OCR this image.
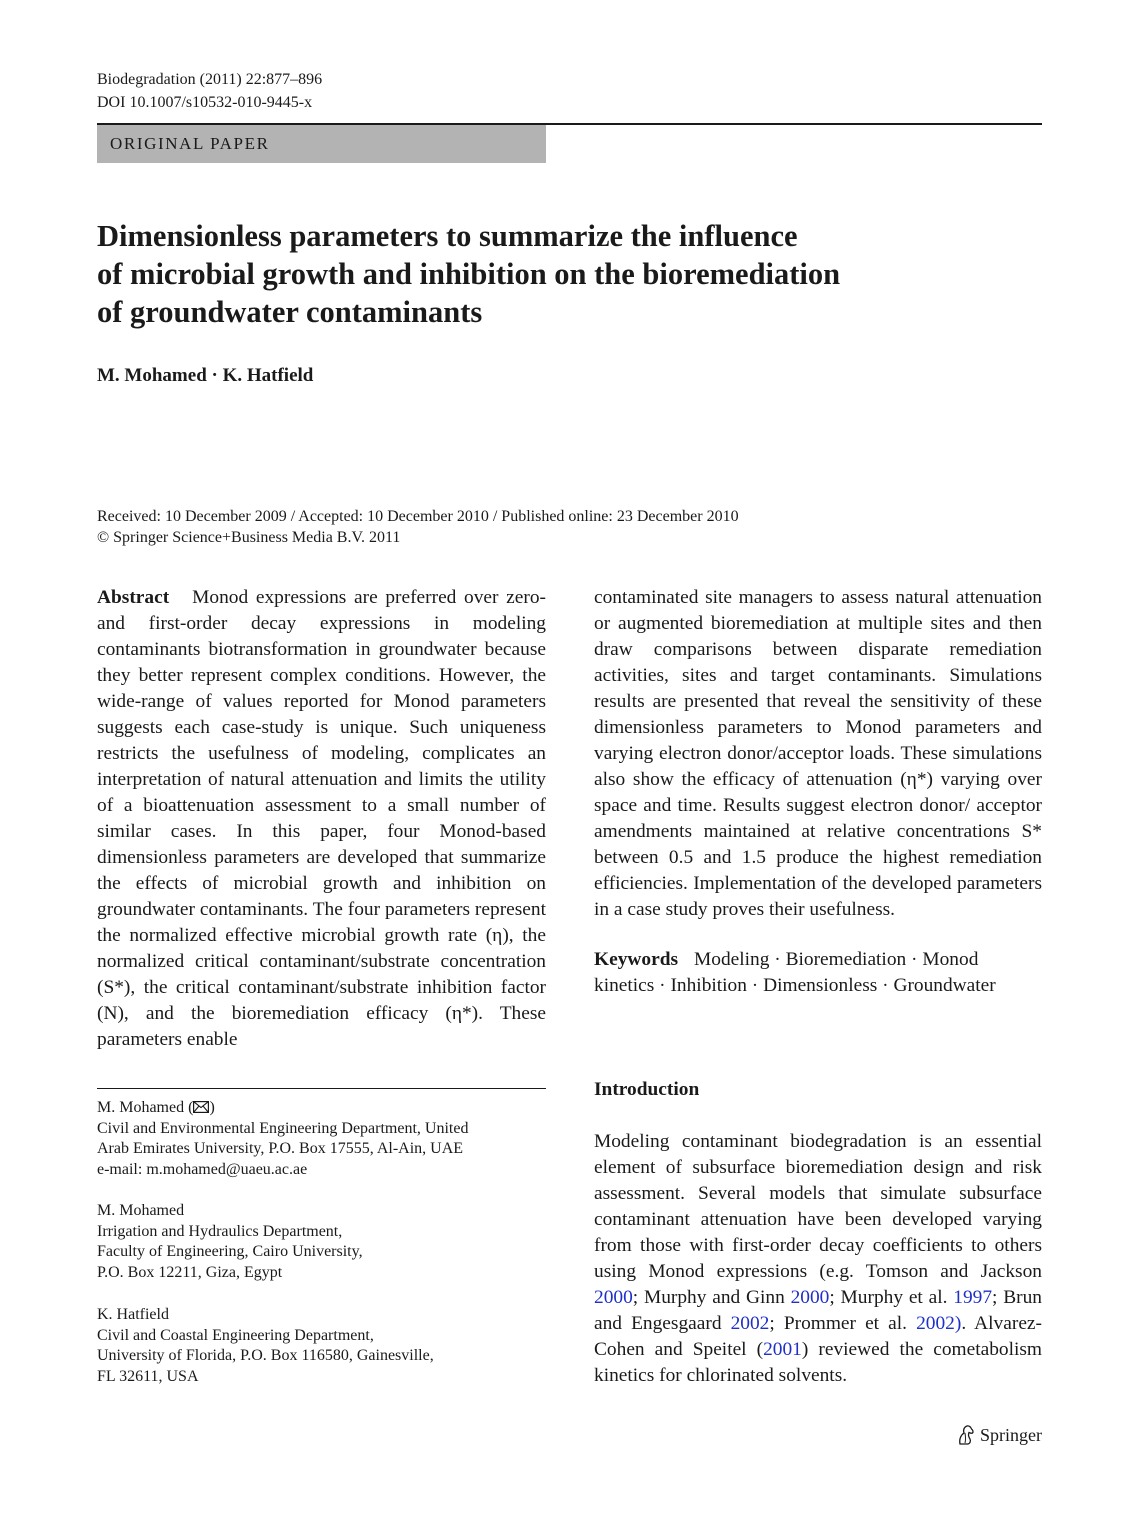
Biodegradation (2011) 22:877–896
DOI 10.1007/s10532-010-9445-x
ORIGINAL PAPER
Dimensionless parameters to summarize the influence
of microbial growth and inhibition on the bioremediation
of groundwater contaminants
M. Mohamed · K. Hatfield
Received: 10 December 2009 / Accepted: 10 December 2010 / Published online: 23 December 2010
© Springer Science+Business Media B.V. 2011

Abstract Monod expressions are preferred over zero- and first-order decay expressions in modeling contaminants biotransformation in groundwater because they better represent complex conditions. However, the wide-range of values reported for Monod parameters suggests each case-study is unique. Such uniqueness restricts the usefulness of modeling, complicates an interpretation of natural attenuation and limits the utility of a bioattenuation assessment to a small number of similar cases. In this paper, four Monod-based dimensionless parameters are developed that summarize the effects of microbial growth and inhibition on groundwater contaminants. The four parameters represent the normalized effective microbial growth rate (η), the normalized critical contaminant/substrate concentration (S*), the critical contaminant/substrate inhibition factor (N), and the bioremediation efficacy (η*). These parameters enable

contaminated site managers to assess natural attenuation or augmented bioremediation at multiple sites and then draw comparisons between disparate remediation activities, sites and target contaminants. Simulations results are presented that reveal the sensitivity of these dimensionless parameters to Monod parameters and varying electron donor/acceptor loads. These simulations also show the efficacy of attenuation (η*) varying over space and time. Results suggest electron donor/ acceptor amendments maintained at relative concentrations S* between 0.5 and 1.5 produce the highest remediation efficiencies. Implementation of the developed parameters in a case study proves their usefulness.

Keywords Modeling · Bioremediation · Monod kinetics · Inhibition · Dimensionless · Groundwater
Introduction

Modeling contaminant biodegradation is an essential element of subsurface bioremediation design and risk assessment. Several models that simulate subsurface contaminant attenuation have been developed varying from those with first-order decay coefficients to others using Monod expressions (e.g. Tomson and Jackson 2000; Murphy and Ginn 2000; Murphy et al. 1997; Brun and Engesgaard 2002; Prommer et al. 2002). Alvarez-Cohen and Speitel (2001) reviewed the cometabolism kinetics for chlorinated solvents.

M. Mohamed ( )
Civil and Environmental Engineering Department, United
Arab Emirates University, P.O. Box 17555, Al-Ain, UAE
e-mail: m.mohamed@uaeu.ac.ae
M. Mohamed
Irrigation and Hydraulics Department,
Faculty of Engineering, Cairo University,
P.O. Box 12211, Giza, Egypt
K. Hatfield
Civil and Coastal Engineering Department,
University of Florida, P.O. Box 116580, Gainesville,
FL 32611, USA
Springer
